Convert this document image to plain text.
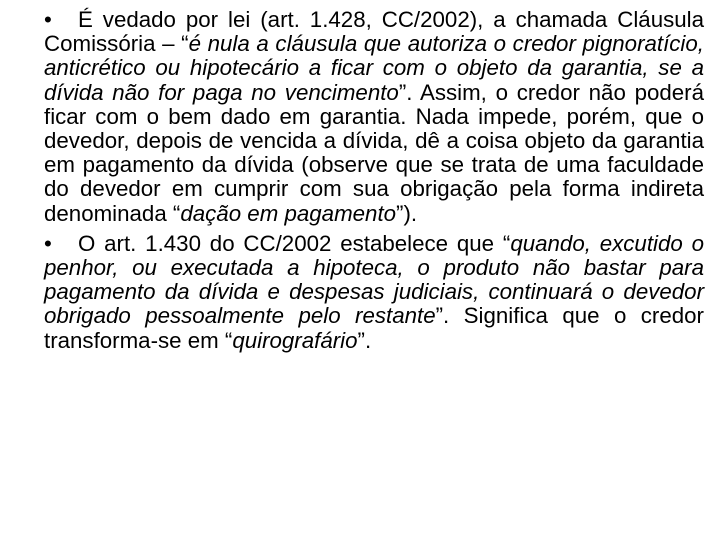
• É vedado por lei (art. 1.428, CC/2002), a chamada Cláusula Comissória – “é nula a cláusula que autoriza o credor pignoratício, anticrético ou hipotecário a ficar com o objeto da garantia, se a dívida não for paga no vencimento”. Assim, o credor não poderá ficar com o bem dado em garantia. Nada impede, porém, que o devedor, depois de vencida a dívida, dê a coisa objeto da garantia em pagamento da dívida (observe que se trata de uma faculdade do devedor em cumprir com sua obrigação pela forma indireta denominada “dação em pagamento”).

• O art. 1.430 do CC/2002 estabelece que “quando, excutido o penhor, ou executada a hipoteca, o produto não bastar para pagamento da dívida e despesas judiciais, continuará o devedor obrigado pessoalmente pelo restante”. Significa que o credor transforma-se em “quirografário”.
